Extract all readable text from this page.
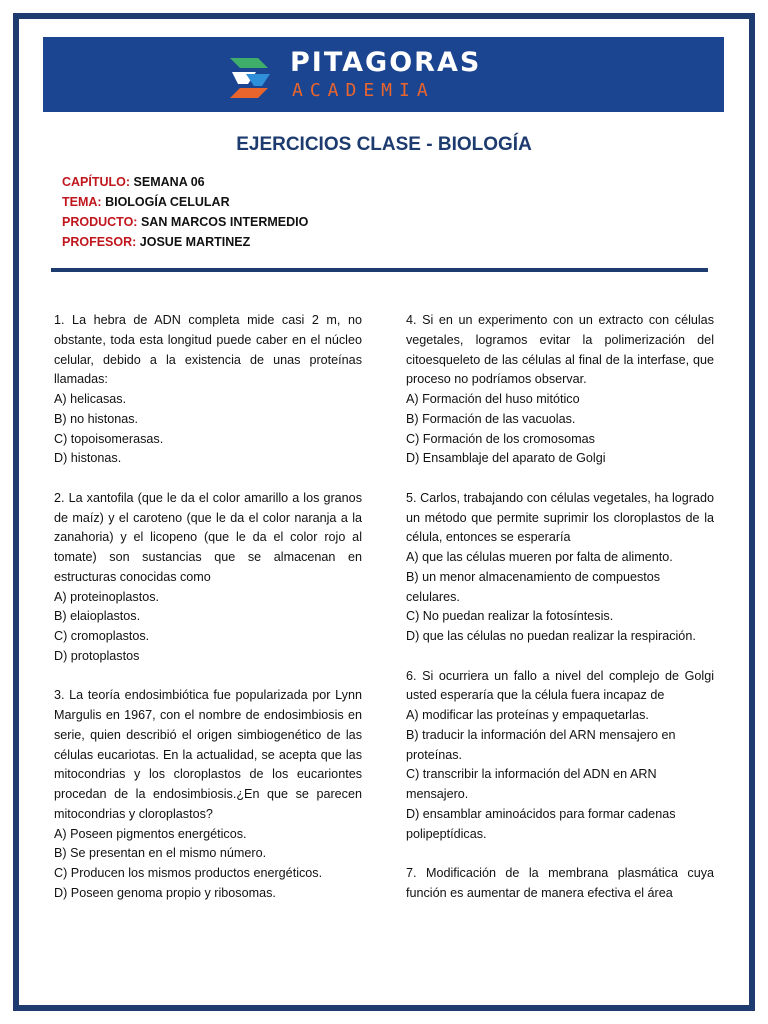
PITAGORAS
ACADEMIA
EJERCICIOS CLASE - BIOLOGÍA
CAPÍTULO: SEMANA 06
TEMA: BIOLOGÍA CELULAR
PRODUCTO: SAN MARCOS INTERMEDIO
PROFESOR: JOSUE MARTINEZ
1. La hebra de ADN completa mide casi 2 m, no obstante, toda esta longitud puede caber en el núcleo celular, debido a la existencia de unas proteínas llamadas:
A) helicasas.
B) no histonas.
C) topoisomerasas.
D) histonas.
2. La xantofila (que le da el color amarillo a los granos de maíz) y el caroteno (que le da el color naranja a la zanahoria) y el licopeno (que le da el color rojo al tomate) son sustancias que se almacenan en estructuras conocidas como
A) proteinoplastos.
B) elaioplastos.
C) cromoplastos.
D) protoplastos
3. La teoría endosimbiótica fue popularizada por Lynn Margulis en 1967, con el nombre de endosimbiosis en serie, quien describió el origen simbiogenético de las células eucariotas. En la actualidad, se acepta que las mitocondrias y los cloroplastos de los eucariontes procedan de la endosimbiosis.¿En que se parecen mitocondrias y cloroplastos?
A) Poseen pigmentos energéticos.
B) Se presentan en el mismo número.
C) Producen los mismos productos energéticos.
D) Poseen genoma propio y ribosomas.
4. Si en un experimento con un extracto con células vegetales, logramos evitar la polimerización del citoesqueleto de las células al final de la interfase, que proceso no podríamos observar.
A) Formación del huso mitótico
B) Formación de las vacuolas.
C) Formación de los cromosomas
D) Ensamblaje del aparato de Golgi
5. Carlos, trabajando con células vegetales, ha logrado un método que permite suprimir los cloroplastos de la célula, entonces se esperaría
A) que las células mueren por falta de alimento.
B) un menor almacenamiento de compuestos celulares.
C) No puedan realizar la fotosíntesis.
D) que las células no puedan realizar la respiración.
6. Si ocurriera un fallo a nivel del complejo de Golgi usted esperaría que la célula fuera incapaz de
A) modificar las proteínas y empaquetarlas.
B) traducir la información del ARN mensajero en proteínas.
C) transcribir la información del ADN en ARN mensajero.
D) ensamblar aminoácidos para formar cadenas polipeptídicas.
7. Modificación de la membrana plasmática cuya función es aumentar de manera efectiva el área
